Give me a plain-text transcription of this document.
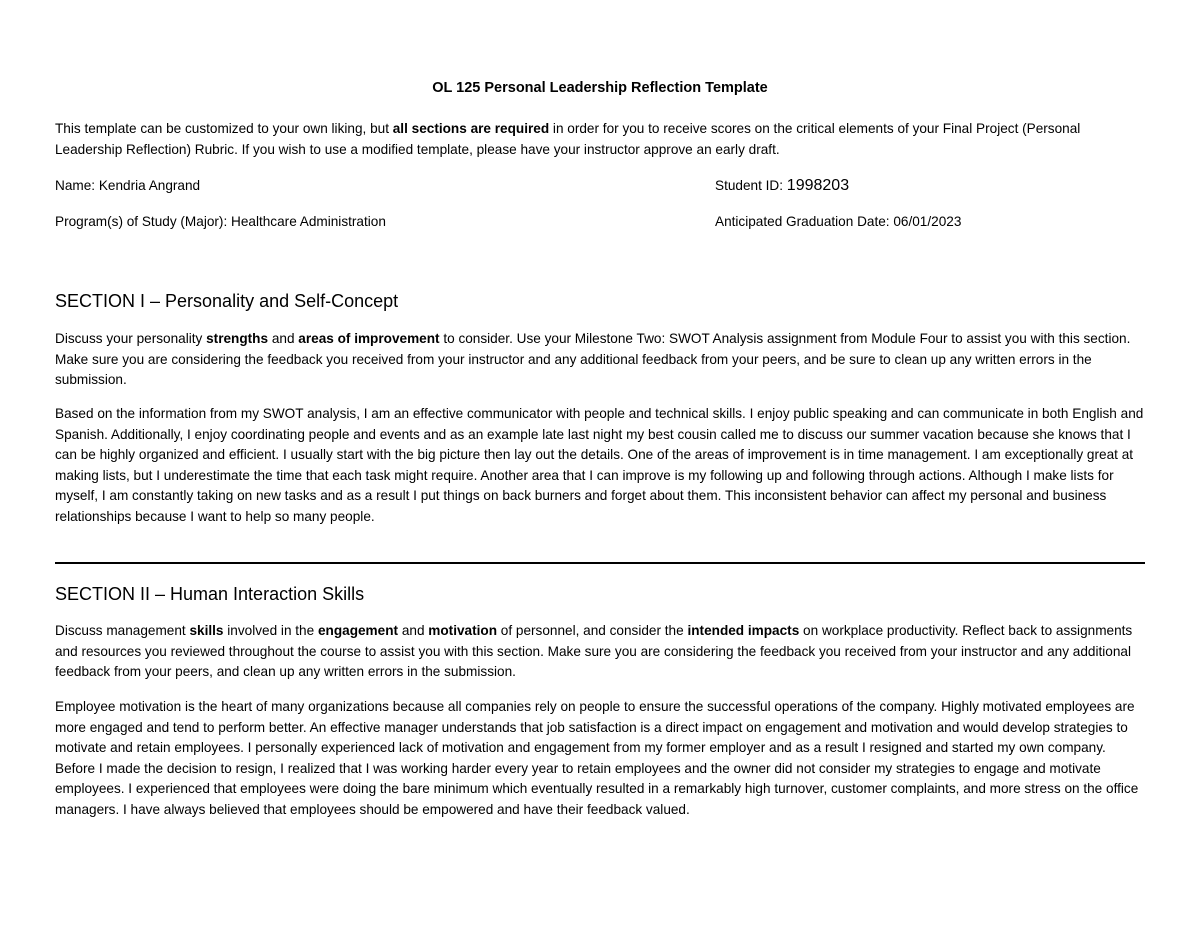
OL 125 Personal Leadership Reflection Template
This template can be customized to your own liking, but all sections are required in order for you to receive scores on the critical elements of your Final Project (Personal Leadership Reflection) Rubric. If you wish to use a modified template, please have your instructor approve an early draft.
Name: Kendria Angrand	Student ID: 1998203
Program(s) of Study (Major): Healthcare Administration	Anticipated Graduation Date: 06/01/2023
SECTION I – Personality and Self-Concept

Discuss your personality strengths and areas of improvement to consider. Use your Milestone Two: SWOT Analysis assignment from Module Four to assist you with this section. Make sure you are considering the feedback you received from your instructor and any additional feedback from your peers, and be sure to clean up any written errors in the submission.

Based on the information from my SWOT analysis, I am an effective communicator with people and technical skills. I enjoy public speaking and can communicate in both English and Spanish. Additionally, I enjoy coordinating people and events and as an example late last night my best cousin called me to discuss our summer vacation because she knows that I can be highly organized and efficient. I usually start with the big picture then lay out the details. One of the areas of improvement is in time management. I am exceptionally great at making lists, but I underestimate the time that each task might require. Another area that I can improve is my following up and following through actions. Although I make lists for myself, I am constantly taking on new tasks and as a result I put things on back burners and forget about them. This inconsistent behavior can affect my personal and business relationships because I want to help so many people.

SECTION II – Human Interaction Skills

Discuss management skills involved in the engagement and motivation of personnel, and consider the intended impacts on workplace productivity. Reflect back to assignments and resources you reviewed throughout the course to assist you with this section. Make sure you are considering the feedback you received from your instructor and any additional feedback from your peers, and clean up any written errors in the submission.

Employee motivation is the heart of many organizations because all companies rely on people to ensure the successful operations of the company. Highly motivated employees are more engaged and tend to perform better. An effective manager understands that job satisfaction is a direct impact on engagement and motivation and would develop strategies to motivate and retain employees. I personally experienced lack of motivation and engagement from my former employer and as a result I resigned and started my own company. Before I made the decision to resign, I realized that I was working harder every year to retain employees and the owner did not consider my strategies to engage and motivate employees. I experienced that employees were doing the bare minimum which eventually resulted in a remarkably high turnover, customer complaints, and more stress on the office managers. I have always believed that employees should be empowered and have their feedback valued.
